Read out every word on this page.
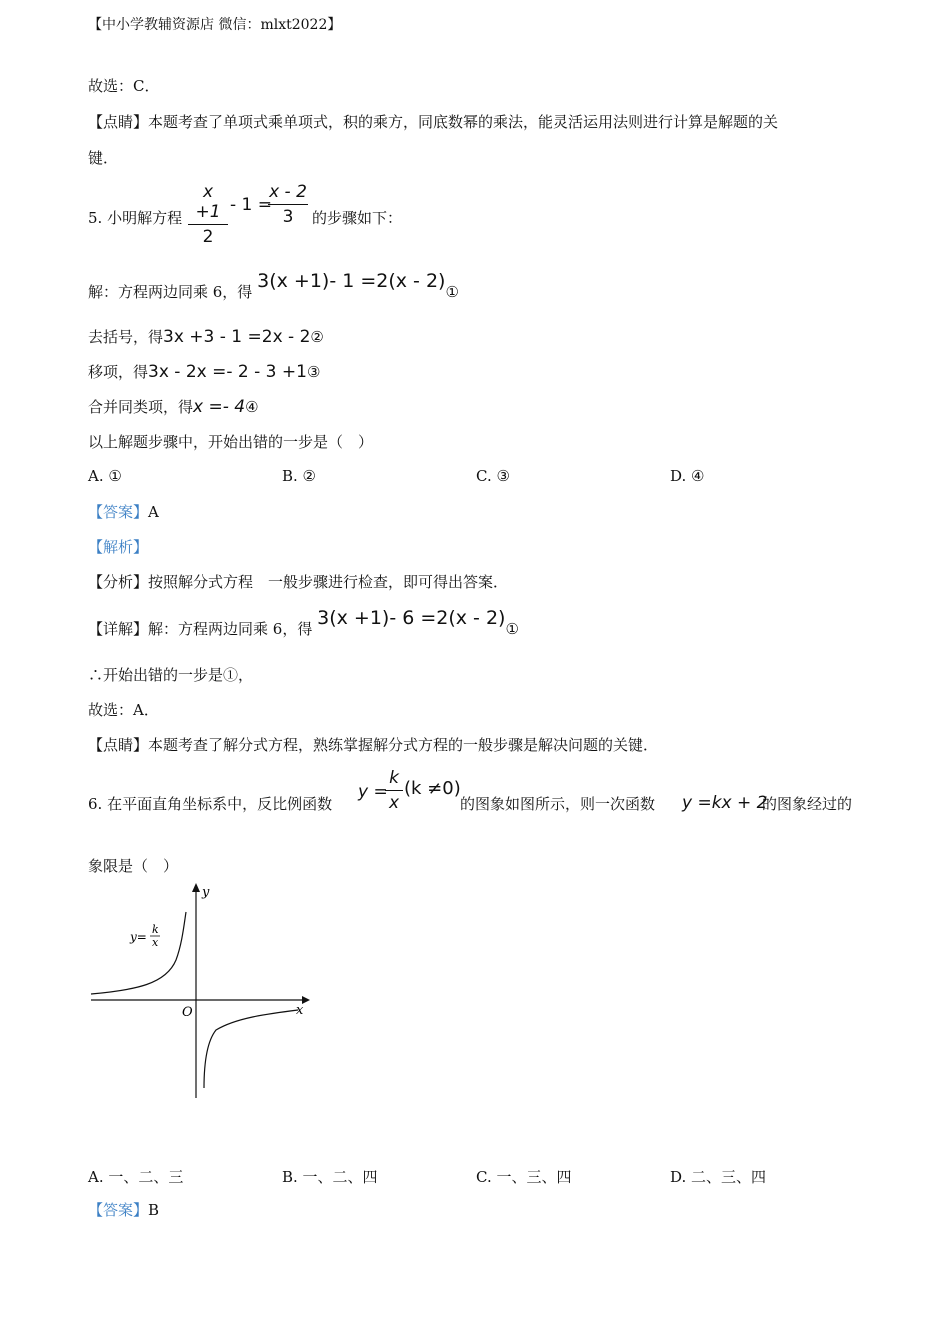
【中小学教辅资源店 微信：mlxt2022】
故选：C．
【点睛】本题考查了单项式乘单项式，积的乘方，同底数幂的乘法，能灵活运用法则进行计算是解题的关
键．
5. 小明解方程
x +1
2
- 1 =
x - 2
3	的步骤如下：
解：方程两边同乘 6，得 3(x +1)- 1 =2(x - 2)①
去括号，得3x +3 - 1 =2x - 2②
移项，得3x - 2x =- 2 - 3 +1③
合并同类项，得x =- 4④
以上解题步骤中，开始出错的一步是（　）
A. ①	B. ②	C. ③	D. ④
【答案】A
【解析】
【分析】按照解分式方程　一般步骤进行检查，即可得出答案．
【详解】解：方程两边同乘 6，得 3(x +1)- 6 =2(x - 2)①
∴开始出错的一步是①，
故选：A．
【点睛】本题考查了解分式方程，熟练掌握解分式方程的一般步骤是解决问题的关键．
6. 在平面直角坐标系中，反比例函数
y =
k
x
(k ≠0)
的图象如图所示，则一次函数 y =kx + 2
的图象经过的
象限是（　）
y=
k
x
y
x
O
A. 一、二、三	B. 一、二、四	C. 一、三、四	D. 二、三、四
【答案】B
